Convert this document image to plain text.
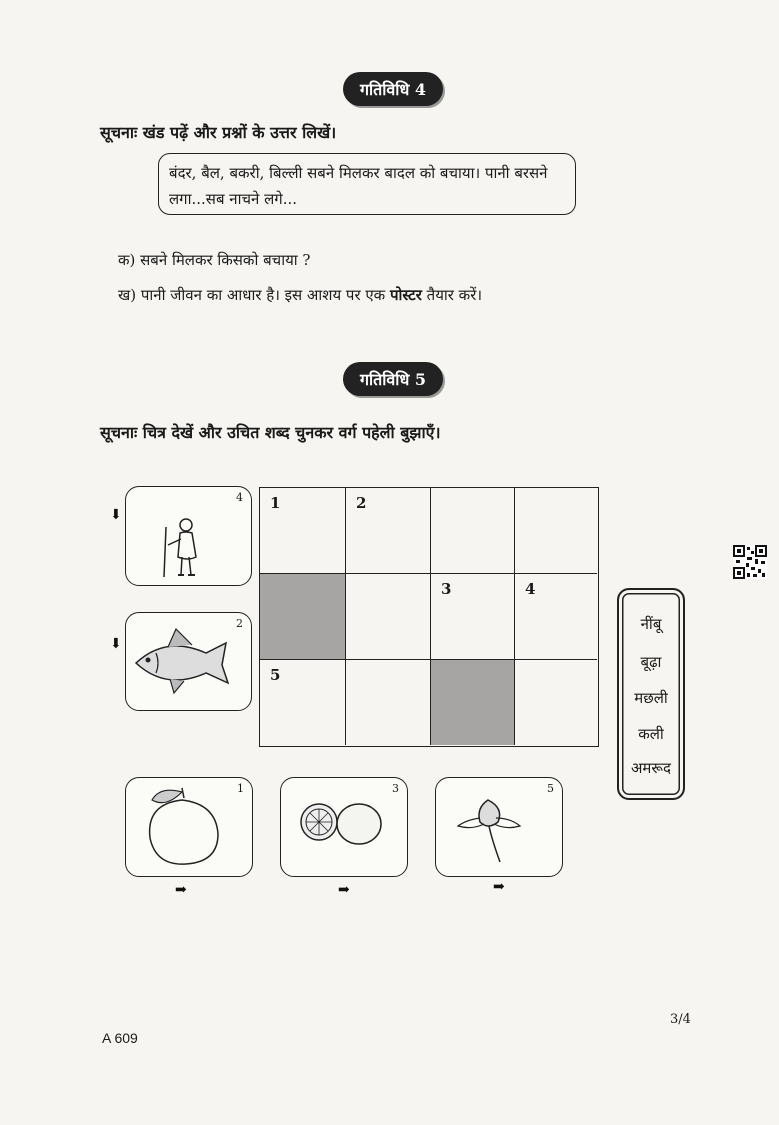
गतिविधि 4
सूचनाः खंड पढ़ें और प्रश्नों के उत्तर लिखें।
बंदर, बैल, बकरी, बिल्ली सबने मिलकर बादल को बचाया। पानी बरसने
लगा...सब नाचने लगे...
क) सबने मिलकर किसको बचाया ?
ख) पानी जीवन का आधार है। इस आशय पर एक पोस्टर तैयार करें।
गतिविधि 5
सूचनाः चित्र देखें और उचित शब्द चुनकर वर्ग पहेली बुझाएँ।
⬇
4
⬇
2
1	2
3	4
5
नींबू
बूढ़ा
मछली
कली
अमरूद
1
➡
3
➡
5
➡
3/4
A 609
